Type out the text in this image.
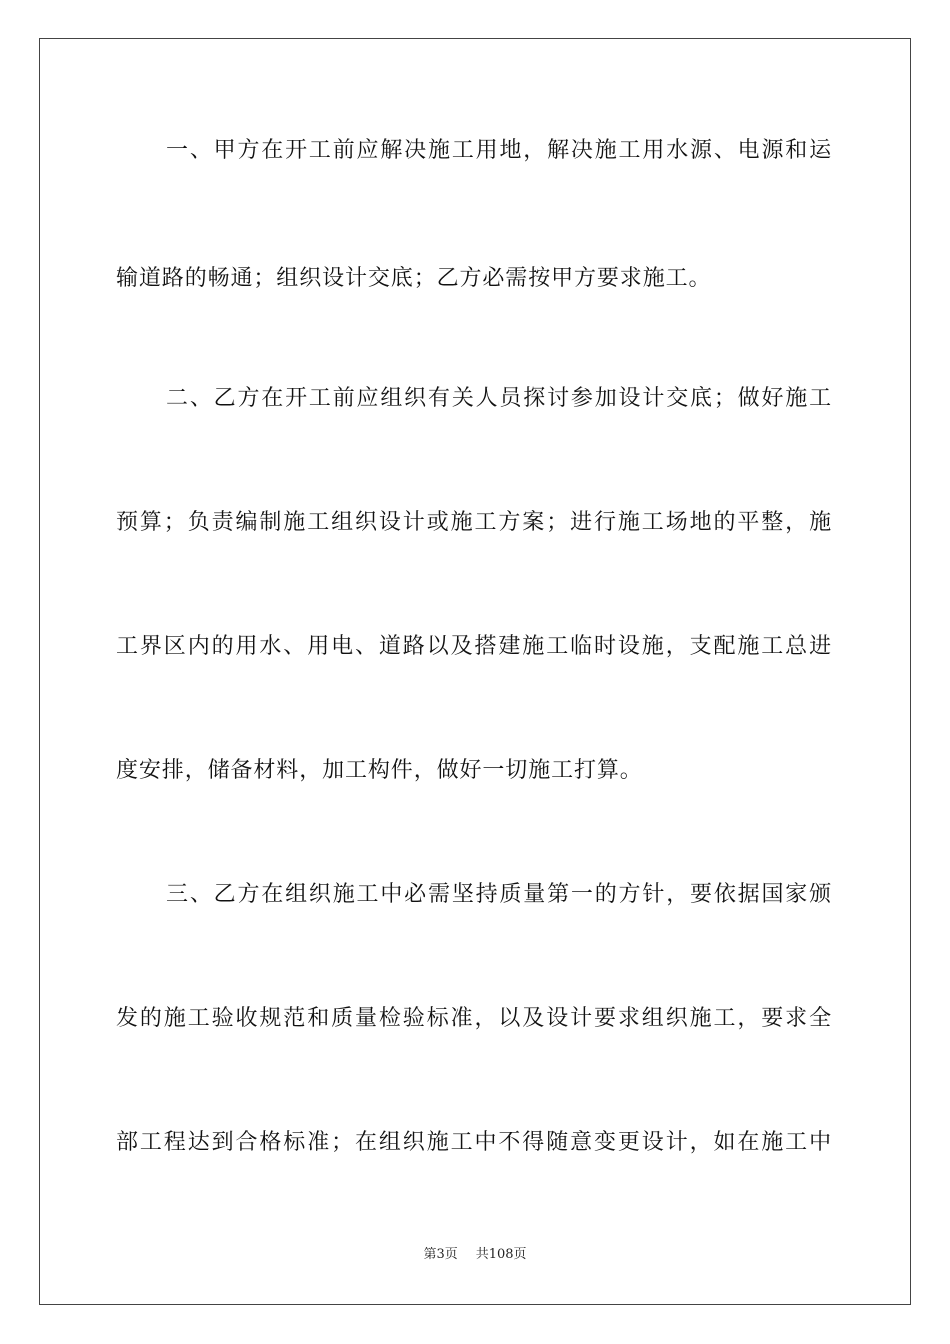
一、甲方在开工前应解决施工用地，解决施工用水源、电源和运
输道路的畅通；组织设计交底；乙方必需按甲方要求施工。
二、乙方在开工前应组织有关人员探讨参加设计交底；做好施工
预算；负责编制施工组织设计或施工方案；进行施工场地的平整，施
工界区内的用水、用电、道路以及搭建施工临时设施，支配施工总进
度安排，储备材料，加工构件，做好一切施工打算。
三、乙方在组织施工中必需坚持质量第一的方针，要依据国家颁
发的施工验收规范和质量检验标准，以及设计要求组织施工，要求全
部工程达到合格标准；在组织施工中不得随意变更设计，如在施工中
第3页 共108页
